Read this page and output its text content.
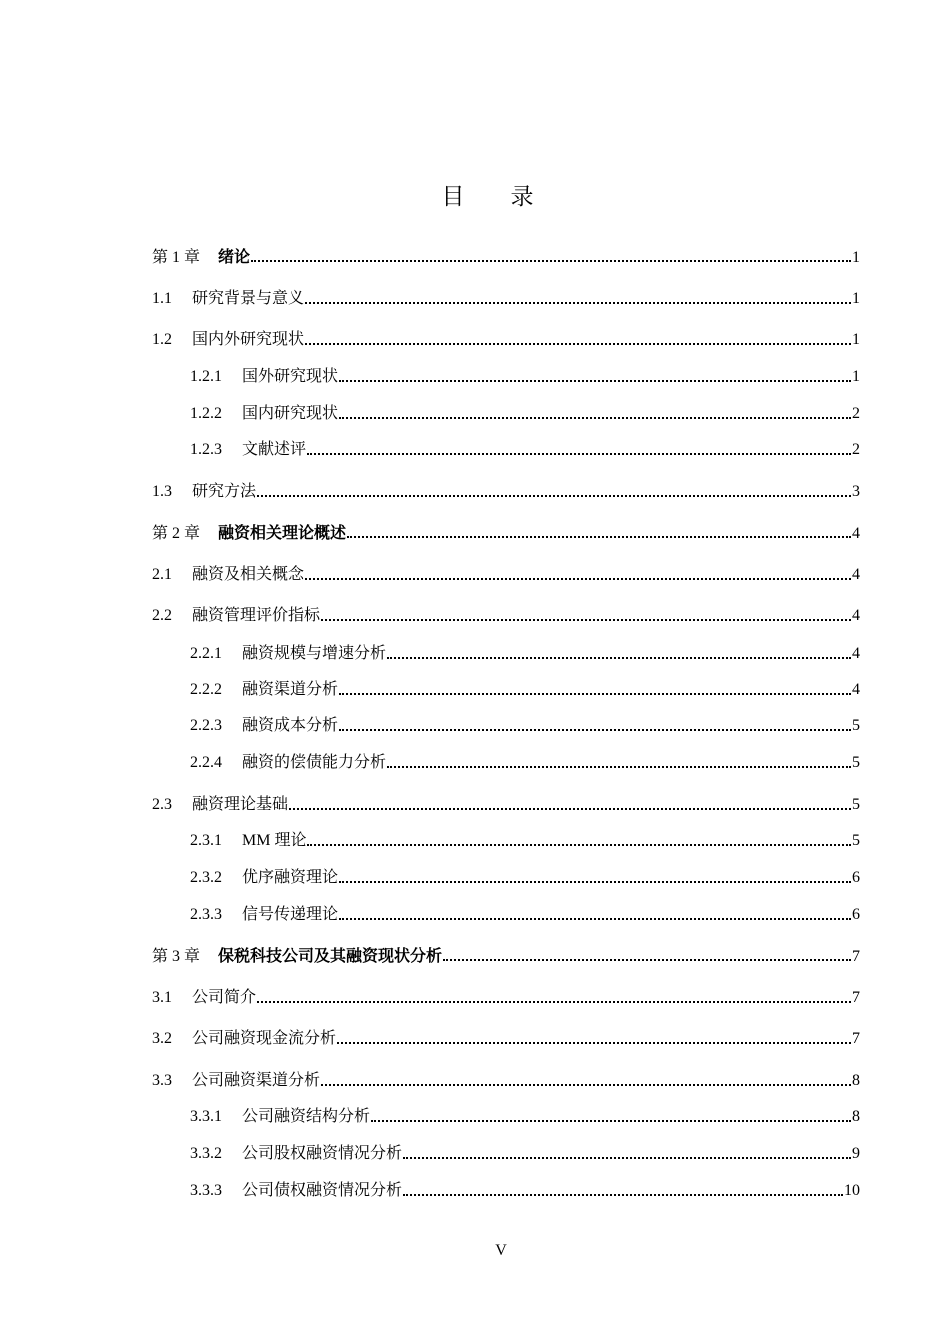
目 录
第 1 章 绪论	1
1.1 研究背景与意义	1
1.2 国内外研究现状	1
1.2.1 国外研究现状	1
1.2.2 国内研究现状	2
1.2.3 文献述评	2
1.3 研究方法	3
第 2 章 融资相关理论概述	4
2.1 融资及相关概念	4
2.2 融资管理评价指标	4
2.2.1 融资规模与增速分析	4
2.2.2 融资渠道分析	4
2.2.3 融资成本分析	5
2.2.4 融资的偿债能力分析	5
2.3 融资理论基础	5
2.3.1 MM 理论	5
2.3.2 优序融资理论	6
2.3.3 信号传递理论	6
第 3 章 保税科技公司及其融资现状分析	7
3.1 公司简介	7
3.2 公司融资现金流分析	7
3.3 公司融资渠道分析	8
3.3.1 公司融资结构分析	8
3.3.2 公司股权融资情况分析	9
3.3.3 公司债权融资情况分析	10
V
